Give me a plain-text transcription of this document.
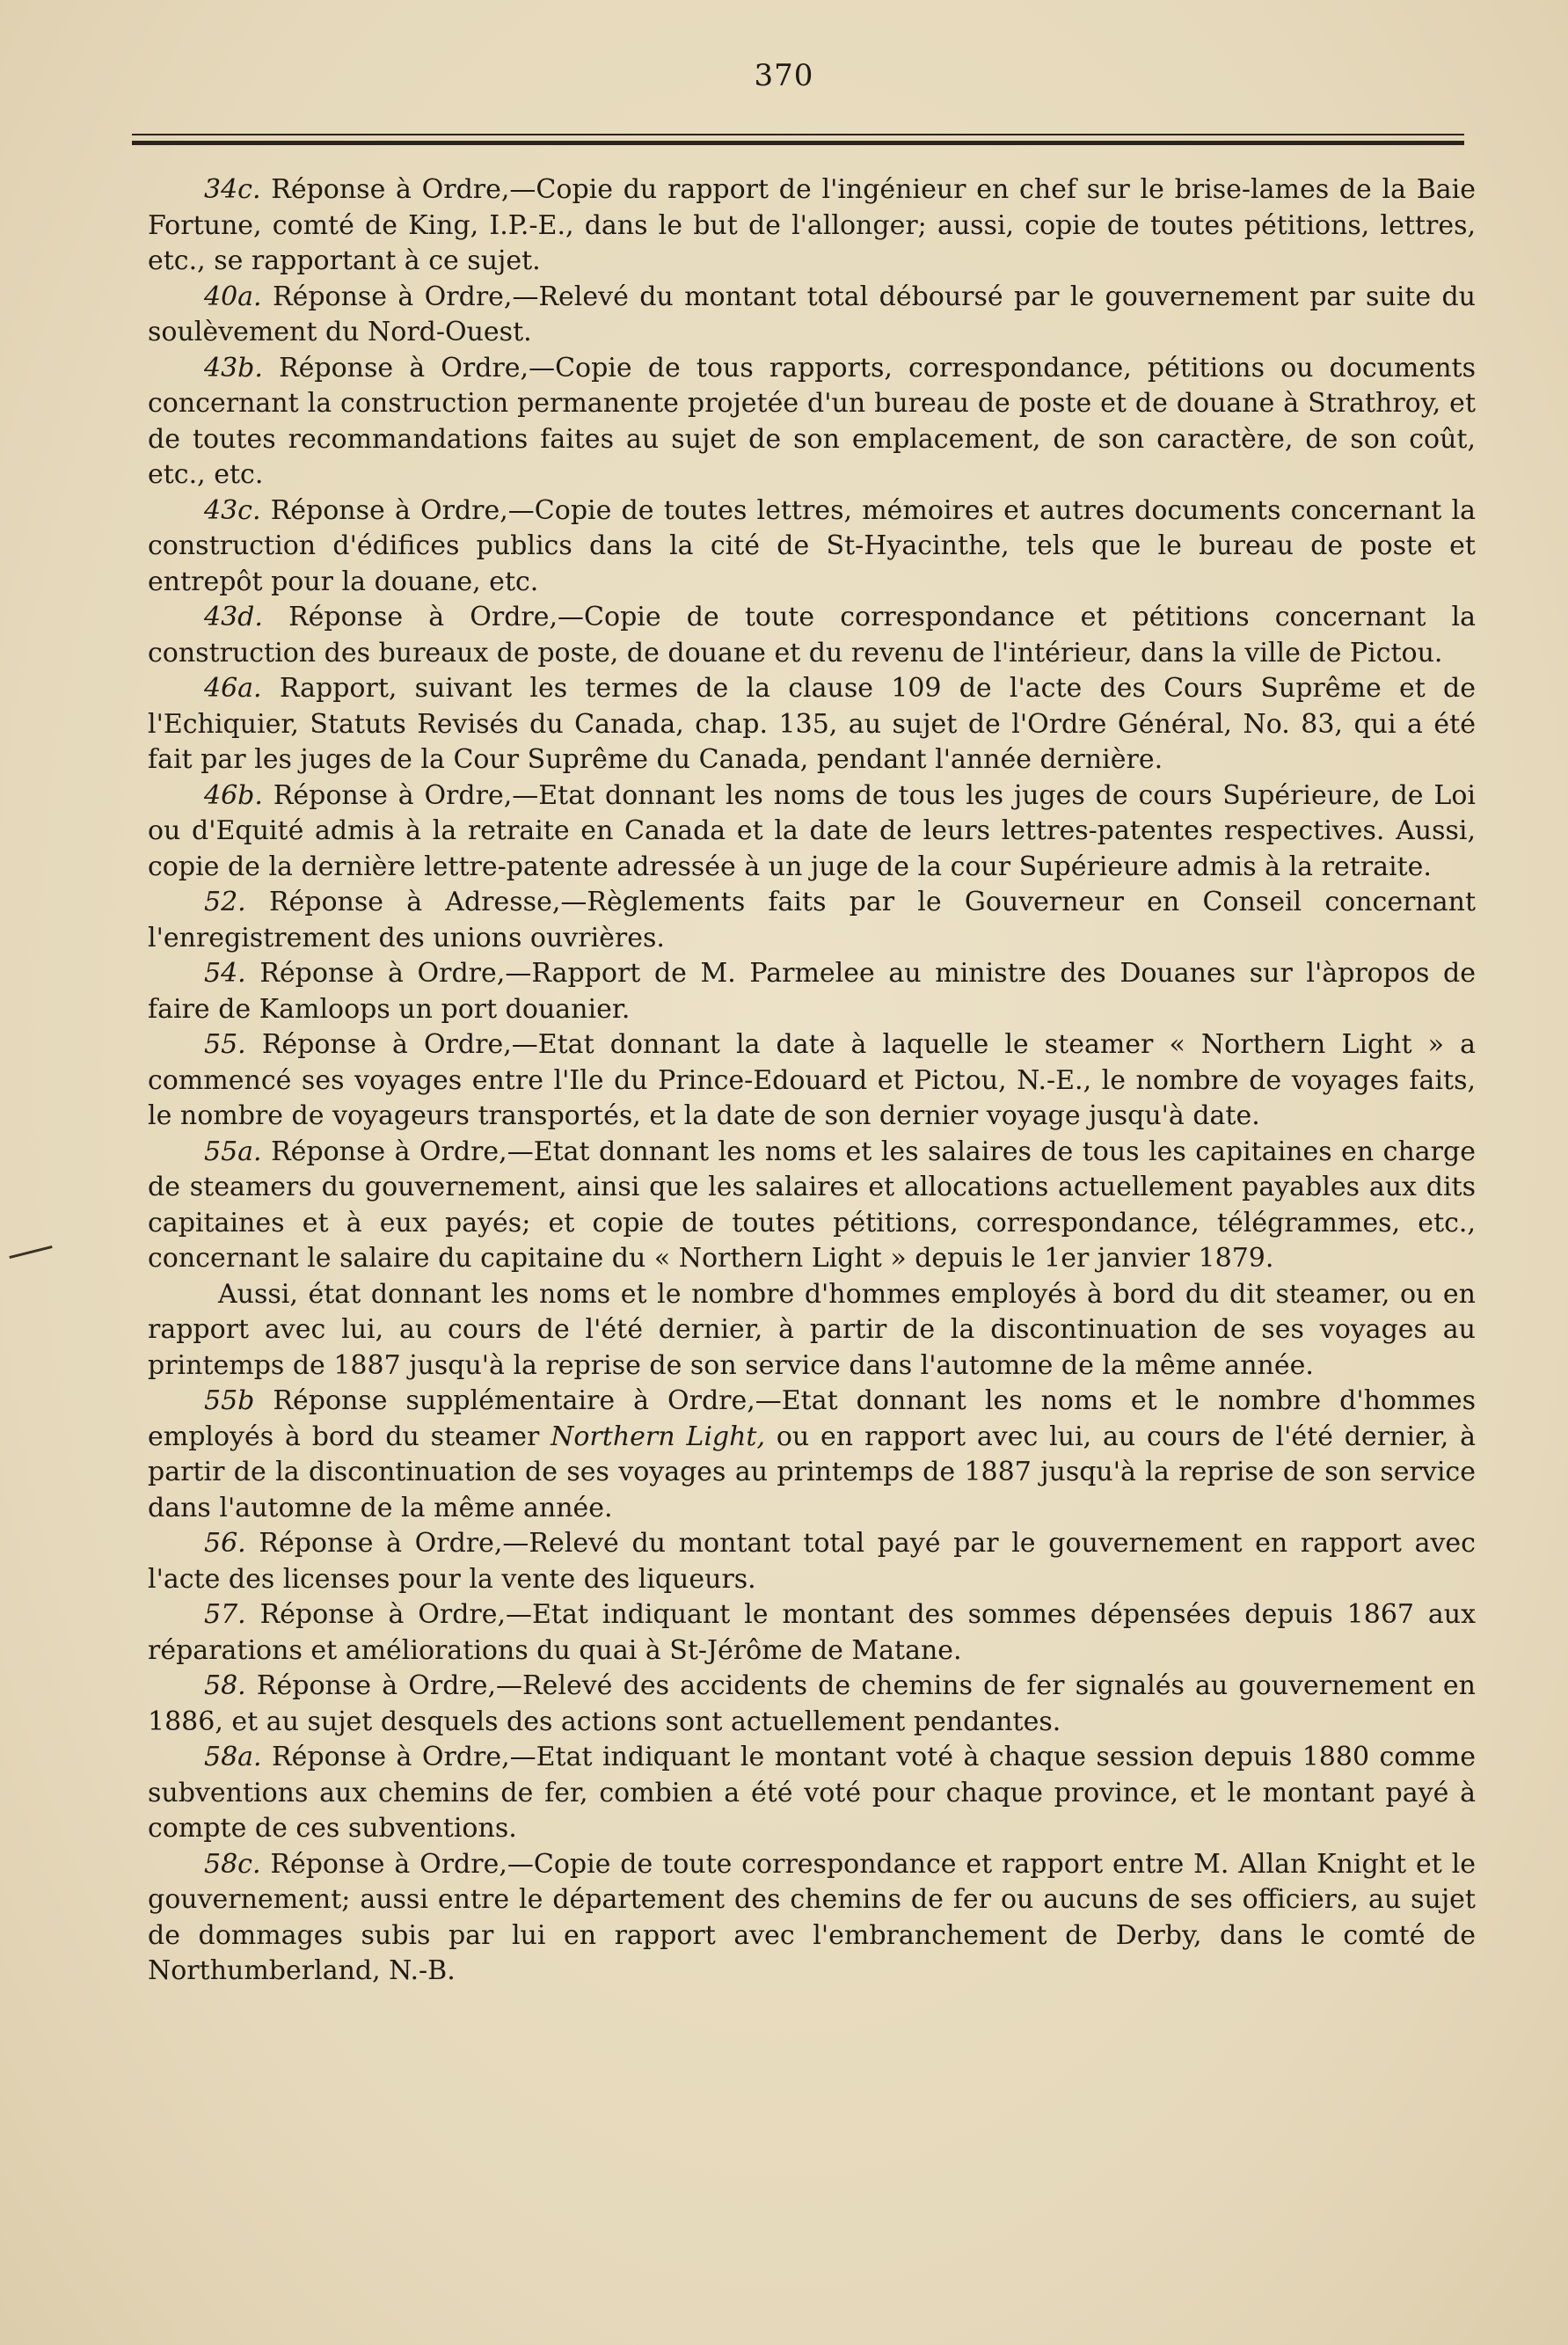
370

34c. Réponse à Ordre,—Copie du rapport de l'ingénieur en chef sur le brise-lames de la Baie Fortune, comté de King, I.P.-E., dans le but de l'allonger; aussi, copie de toutes pétitions, lettres, etc., se rapportant à ce sujet.

40a. Réponse à Ordre,—Relevé du montant total déboursé par le gouvernement par suite du soulèvement du Nord-Ouest.

43b. Réponse à Ordre,—Copie de tous rapports, correspondance, pétitions ou documents concernant la construction permanente projetée d'un bureau de poste et de douane à Strathroy, et de toutes recommandations faites au sujet de son emplacement, de son caractère, de son coût, etc., etc.

43c. Réponse à Ordre,—Copie de toutes lettres, mémoires et autres documents concernant la construction d'édifices publics dans la cité de St-Hyacinthe, tels que le bureau de poste et entrepôt pour la douane, etc.

43d. Réponse à Ordre,—Copie de toute correspondance et pétitions concernant la construction des bureaux de poste, de douane et du revenu de l'intérieur, dans la ville de Pictou.

46a. Rapport, suivant les termes de la clause 109 de l'acte des Cours Suprême et de l'Echiquier, Statuts Revisés du Canada, chap. 135, au sujet de l'Ordre Général, No. 83, qui a été fait par les juges de la Cour Suprême du Canada, pendant l'année dernière.

46b. Réponse à Ordre,—Etat donnant les noms de tous les juges de cours Supérieure, de Loi ou d'Equité admis à la retraite en Canada et la date de leurs lettres-patentes respectives. Aussi, copie de la dernière lettre-patente adressée à un juge de la cour Supérieure admis à la retraite.

52. Réponse à Adresse,—Règlements faits par le Gouverneur en Conseil concernant l'enregistrement des unions ouvrières.

54. Réponse à Ordre,—Rapport de M. Parmelee au ministre des Douanes sur l'àpropos de faire de Kamloops un port douanier.

55. Réponse à Ordre,—Etat donnant la date à laquelle le steamer « Northern Light » a commencé ses voyages entre l'Ile du Prince-Edouard et Pictou, N.-E., le nombre de voyages faits, le nombre de voyageurs transportés, et la date de son dernier voyage jusqu'à date.

55a. Réponse à Ordre,—Etat donnant les noms et les salaires de tous les capitaines en charge de steamers du gouvernement, ainsi que les salaires et allocations actuellement payables aux dits capitaines et à eux payés; et copie de toutes pétitions, correspondance, télégrammes, etc., concernant le salaire du capitaine du « Northern Light » depuis le 1er janvier 1879.

Aussi, état donnant les noms et le nombre d'hommes employés à bord du dit steamer, ou en rapport avec lui, au cours de l'été dernier, à partir de la discontinuation de ses voyages au printemps de 1887 jusqu'à la reprise de son service dans l'automne de la même année.

55b Réponse supplémentaire à Ordre,—Etat donnant les noms et le nombre d'hommes employés à bord du steamer Northern Light, ou en rapport avec lui, au cours de l'été dernier, à partir de la discontinuation de ses voyages au printemps de 1887 jusqu'à la reprise de son service dans l'automne de la même année.

56. Réponse à Ordre,—Relevé du montant total payé par le gouvernement en rapport avec l'acte des licenses pour la vente des liqueurs.

57. Réponse à Ordre,—Etat indiquant le montant des sommes dépensées depuis 1867 aux réparations et améliorations du quai à St-Jérôme de Matane.

58. Réponse à Ordre,—Relevé des accidents de chemins de fer signalés au gouvernement en 1886, et au sujet desquels des actions sont actuellement pendantes.

58a. Réponse à Ordre,—Etat indiquant le montant voté à chaque session depuis 1880 comme subventions aux chemins de fer, combien a été voté pour chaque province, et le montant payé à compte de ces subventions.

58c. Réponse à Ordre,—Copie de toute correspondance et rapport entre M. Allan Knight et le gouvernement; aussi entre le département des chemins de fer ou aucuns de ses officiers, au sujet de dommages subis par lui en rapport avec l'embranchement de Derby, dans le comté de Northumberland, N.-B.
